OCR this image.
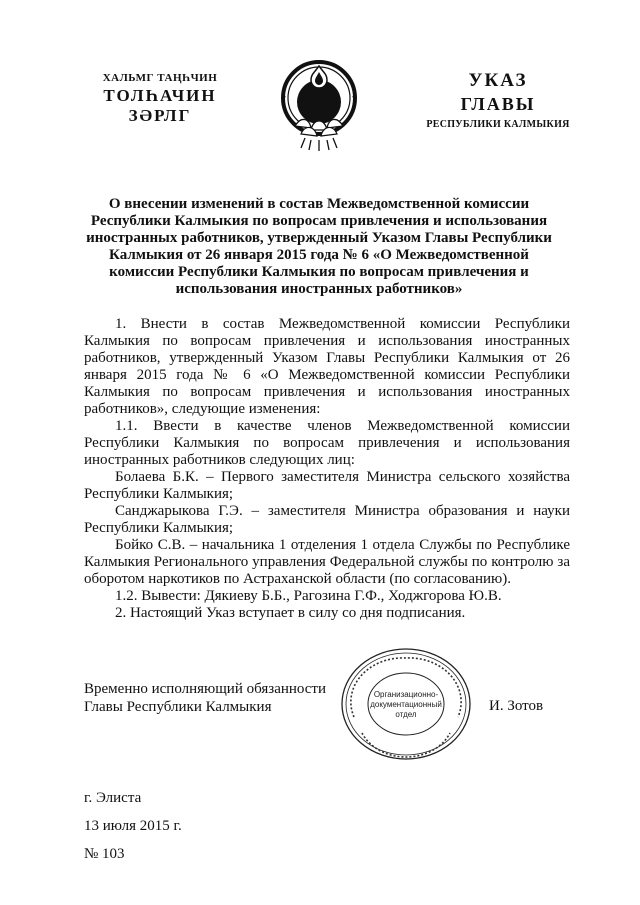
ХАЛЬМГ ТАҢҺЧИН
ТОЛҺАЧИН
ЗӘРЛГ
УКАЗ
ГЛАВЫ
РЕСПУБЛИКИ КАЛМЫКИЯ
О внесении изменений в состав Межведомственной комиссии Республики Калмыкия по вопросам привлечения и использования иностранных работников, утвержденный Указом Главы Республики Калмыкия от 26 января 2015 года № 6 «О Межведомственной комиссии Республики Калмыкия по вопросам привлечения и использования иностранных работников»

1. Внести в состав Межведомственной комиссии Республики Калмыкия по вопросам привлечения и использования иностранных работников, утвержденный Указом Главы Республики Калмыкия от 26 января 2015 года № 6 «О Межведомственной комиссии Республики Калмыкия по вопросам привлечения и использования иностранных работников», следующие изменения:

1.1. Ввести в качестве членов Межведомственной комиссии Республики Калмыкия по вопросам привлечения и использования иностранных работников следующих лиц:

Болаева Б.К. – Первого заместителя Министра сельского хозяйства Республики Калмыкия;

Санджарыкова Г.Э. – заместителя Министра образования и науки Республики Калмыкия;

Бойко С.В. – начальника 1 отделения 1 отдела Службы по Республике Калмыкия Регионального управления Федеральной службы по контролю за оборотом наркотиков по Астраханской области (по согласованию).

1.2. Вывести: Дякиеву Б.Б., Рагозина Г.Ф., Ходжгорова Ю.В.

2. Настоящий Указ вступает в силу со дня подписания.

Временно исполняющий обязанности
Главы Республики Калмыкия
Организационно-
документационный
отдел
И. Зотов
г. Элиста
13 июля 2015 г.
№ 103
